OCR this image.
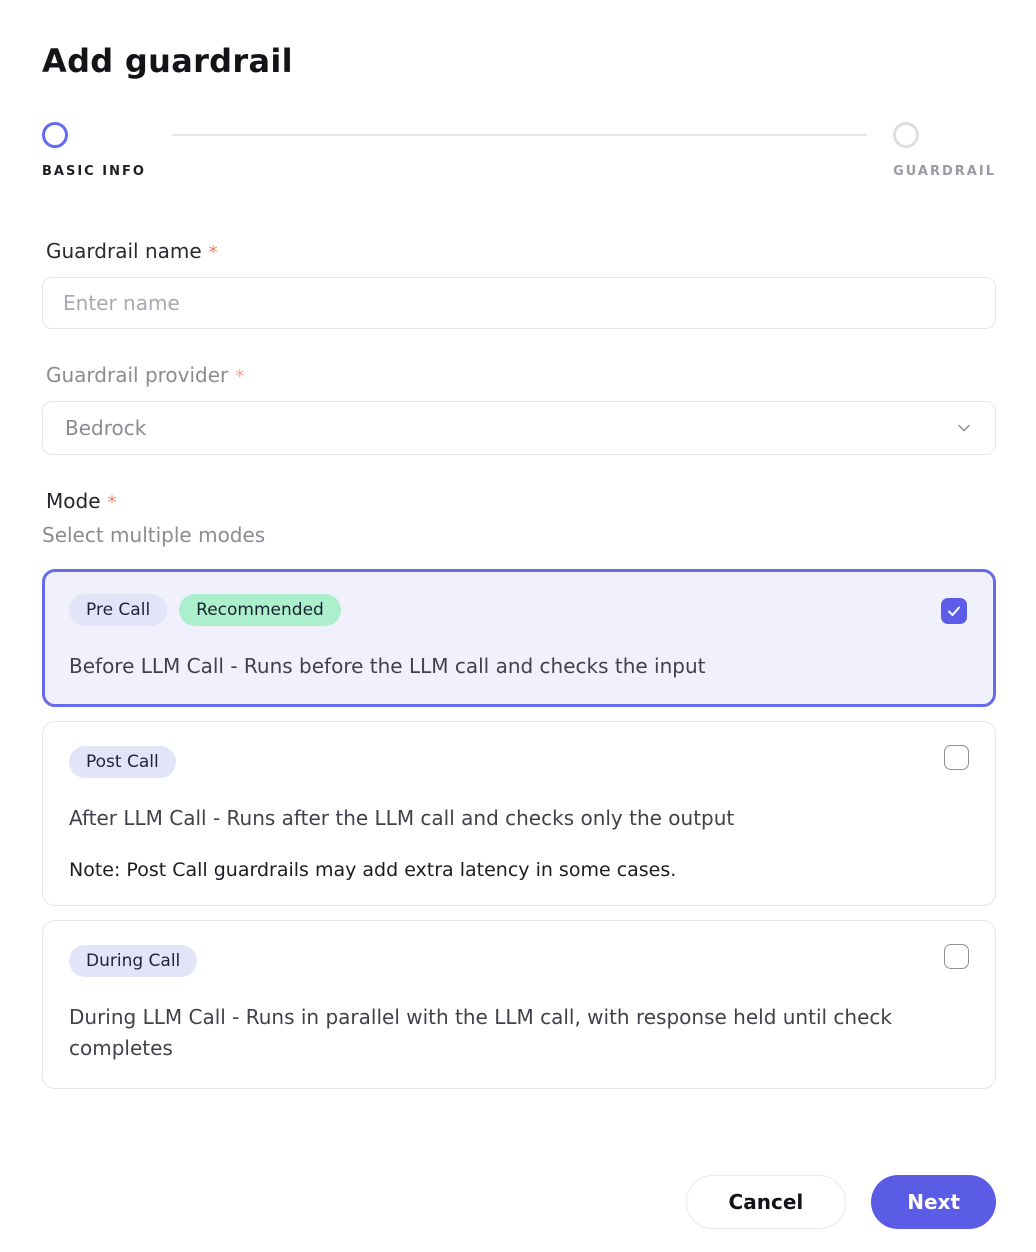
Add guardrail
BASIC INFO	GUARDRAIL
Guardrail name *
Enter name
Guardrail provider *
Bedrock
Mode *
Select multiple modes
Pre Call	Recommended
Before LLM Call - Runs before the LLM call and checks the input
Post Call
After LLM Call - Runs after the LLM call and checks only the output
Note: Post Call guardrails may add extra latency in some cases.
During Call
During LLM Call - Runs in parallel with the LLM call, with response held until check completes
Cancel	Next
